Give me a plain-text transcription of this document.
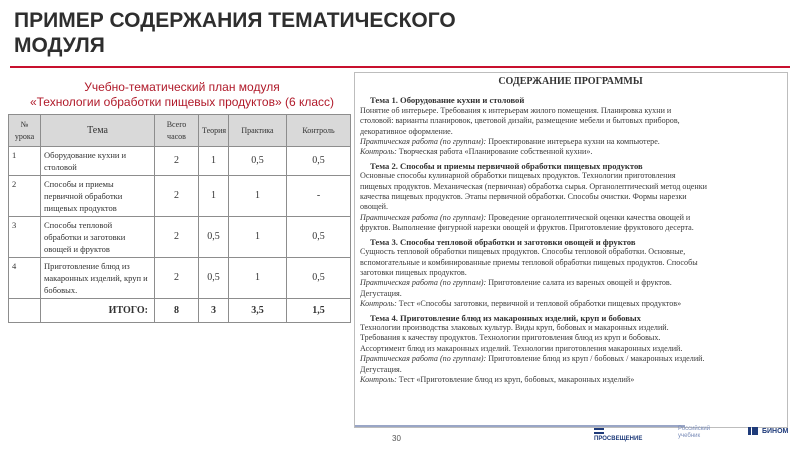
ПРИМЕР СОДЕРЖАНИЯ ТЕМАТИЧЕСКОГО
МОДУЛЯ
Учебно-тематический план модуля
«Технологии обработки пищевых продуктов» (6 класс)
№ урока	Тема	Всего часов	Теория	Практика	Контроль
1	Оборудование кухни и столовой	2	1	0,5	0,5
2	Способы и приемы первичной обработки пищевых продуктов	2	1	1	-
3	Способы тепловой обработки и заготовки овощей и фруктов	2	0,5	1	0,5
4	Приготовление блюд из макаронных изделий, круп и бобовых.	2	0,5	1	0,5
	ИТОГО:	8	3	3,5	1,5
СОДЕРЖАНИЕ ПРОГРАММЫ
Тема 1. Оборудование кухни и столовой
Понятие об интерьере. Требования к интерьерам жилого помещения. Планировка кухни и
столовой: варианты планировок, цветовой дизайн, размещение мебели и бытовых приборов,
декоративное оформление.
Практическая работа (по группам): Проектирование интерьера кухни на компьютере.
Контроль: Творческая работа «Планирование собственной кухни».
Тема 2. Способы и приемы первичной обработки пищевых продуктов
Основные способы кулинарной обработки пищевых продуктов. Технологии приготовления
пищевых продуктов. Механическая (первичная) обработка сырья. Органолептический метод оценки
качества пищевых продуктов. Этапы первичной обработки. Способы очистки. Формы нарезки
овощей.
Практическая работа (по группам): Проведение органолептической оценки качества овощей и
фруктов. Выполнение фигурной нарезки овощей и фруктов. Приготовление фруктового десерта.
Тема 3. Способы тепловой обработки и заготовки овощей и фруктов
Сущность тепловой обработки пищевых продуктов. Способы тепловой обработки. Основные,
вспомогательные и комбинированные приемы тепловой обработки пищевых продуктов. Способы
заготовки пищевых продуктов.
Практическая работа (по группам): Приготовление салата из вареных овощей и фруктов.
Дегустация.
Контроль: Тест «Способы заготовки, первичной и тепловой обработки пищевых продуктов»
Тема 4. Приготовление блюд из макаронных изделий, круп и бобовых
Технологии производства злаковых культур. Виды круп, бобовых и макаронных изделий.
Требования к качеству продуктов. Технологии приготовления блюд из круп и бобовых.
Ассортимент блюд из макаронных изделий. Технологии приготовления макаронных изделий.
Практическая работа (по группам): Приготовление блюд из круп / бобовых / макаронных изделий.
Дегустация.
Контроль: Тест «Приготовление блюд из круп, бобовых, макаронных изделий»
30	ПРОСВЕЩЕНИЕ
Российский учебник
БИНОМ
